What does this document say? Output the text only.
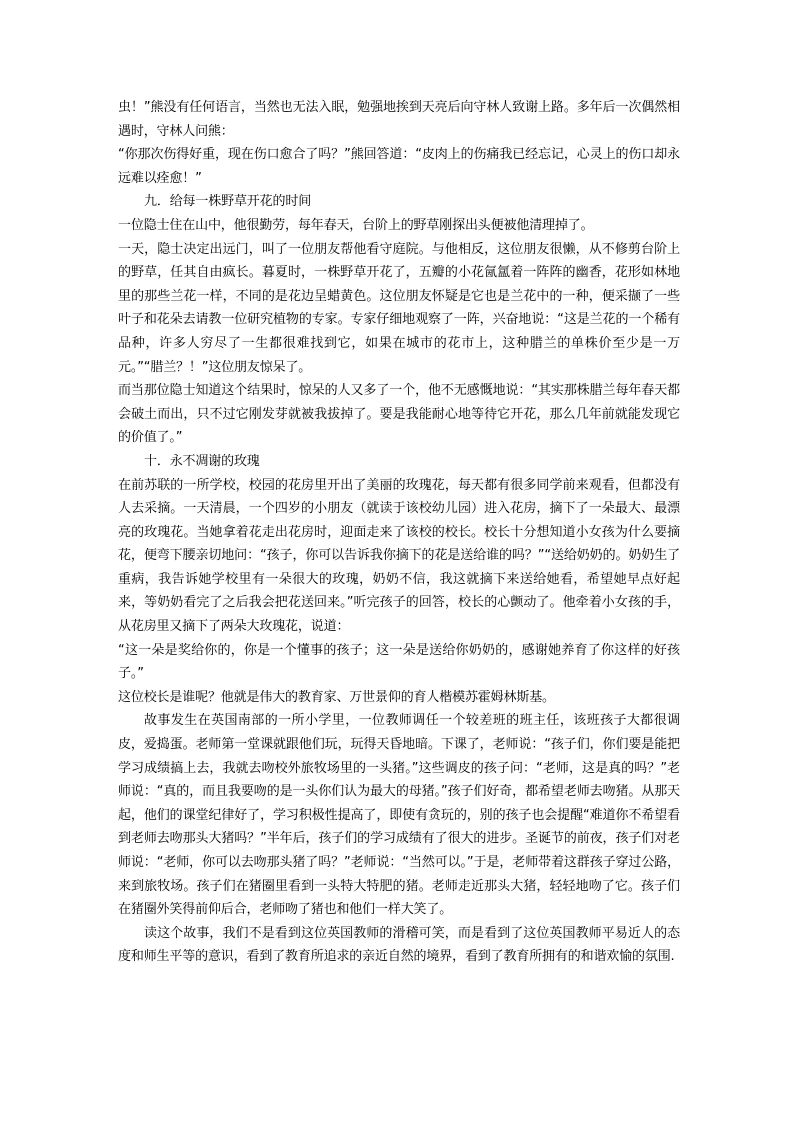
虫！”熊没有任何语言，当然也无法入眠，勉强地挨到天亮后向守林人致谢上路。多年后一次偶然相遇时，守林人问熊：

“你那次伤得好重，现在伤口愈合了吗？”熊回答道：“皮肉上的伤痛我已经忘记，心灵上的伤口却永远难以痊愈！”

九．给每一株野草开花的时间

一位隐士住在山中，他很勤劳，每年春天，台阶上的野草刚探出头便被他清理掉了。

一天，隐士决定出远门，叫了一位朋友帮他看守庭院。与他相反，这位朋友很懒，从不修剪台阶上的野草，任其自由疯长。暮夏时，一株野草开花了，五瓣的小花氤氲着一阵阵的幽香，花形如林地里的那些兰花一样，不同的是花边呈蜡黄色。这位朋友怀疑是它也是兰花中的一种，便采撷了一些叶子和花朵去请教一位研究植物的专家。专家仔细地观察了一阵，兴奋地说：“这是兰花的一个稀有品种，许多人穷尽了一生都很难找到它，如果在城市的花市上，这种腊兰的单株价至少是一万元。”“腊兰？！”这位朋友惊呆了。

而当那位隐士知道这个结果时，惊呆的人又多了一个，他不无感慨地说：“其实那株腊兰每年春天都会破土而出，只不过它刚发芽就被我拔掉了。要是我能耐心地等待它开花，那么几年前就能发现它的价值了。”

十．永不凋谢的玫瑰

在前苏联的一所学校，校园的花房里开出了美丽的玫瑰花，每天都有很多同学前来观看，但都没有人去采摘。一天清晨，一个四岁的小朋友（就读于该校幼儿园）进入花房，摘下了一朵最大、最漂亮的玫瑰花。当她拿着花走出花房时，迎面走来了该校的校长。校长十分想知道小女孩为什么要摘花，便弯下腰亲切地问：“孩子，你可以告诉我你摘下的花是送给谁的吗？”“送给奶奶的。奶奶生了重病，我告诉她学校里有一朵很大的玫瑰，奶奶不信，我这就摘下来送给她看，希望她早点好起来，等奶奶看完了之后我会把花送回来。”听完孩子的回答，校长的心颤动了。他牵着小女孩的手，从花房里又摘下了两朵大玫瑰花，说道：

“这一朵是奖给你的，你是一个懂事的孩子；这一朵是送给你奶奶的，感谢她养育了你这样的好孩子。”

这位校长是谁呢？他就是伟大的教育家、万世景仰的育人楷模苏霍姆林斯基。

故事发生在英国南部的一所小学里，一位教师调任一个较差班的班主任，该班孩子大都很调皮，爱捣蛋。老师第一堂课就跟他们玩，玩得天昏地暗。下课了，老师说：“孩子们，你们要是能把学习成绩搞上去，我就去吻校外旅牧场里的一头猪。”这些调皮的孩子问：“老师，这是真的吗？”老师说：“真的，而且我要吻的是一头你们认为最大的母猪。”孩子们好奇，都希望老师去吻猪。从那天起，他们的课堂纪律好了，学习积极性提高了，即使有贪玩的，别的孩子也会提醒“难道你不希望看到老师去吻那头大猪吗？”半年后，孩子们的学习成绩有了很大的进步。圣诞节的前夜，孩子们对老师说：“老师，你可以去吻那头猪了吗？”老师说：“当然可以。”于是，老师带着这群孩子穿过公路，来到旅牧场。孩子们在猪圈里看到一头特大特肥的猪。老师走近那头大猪，轻轻地吻了它。孩子们在猪圈外笑得前仰后合，老师吻了猪也和他们一样大笑了。

读这个故事，我们不是看到这位英国教师的滑稽可笑，而是看到了这位英国教师平易近人的态度和师生平等的意识，看到了教育所追求的亲近自然的境界，看到了教育所拥有的和谐欢愉的氛围.
